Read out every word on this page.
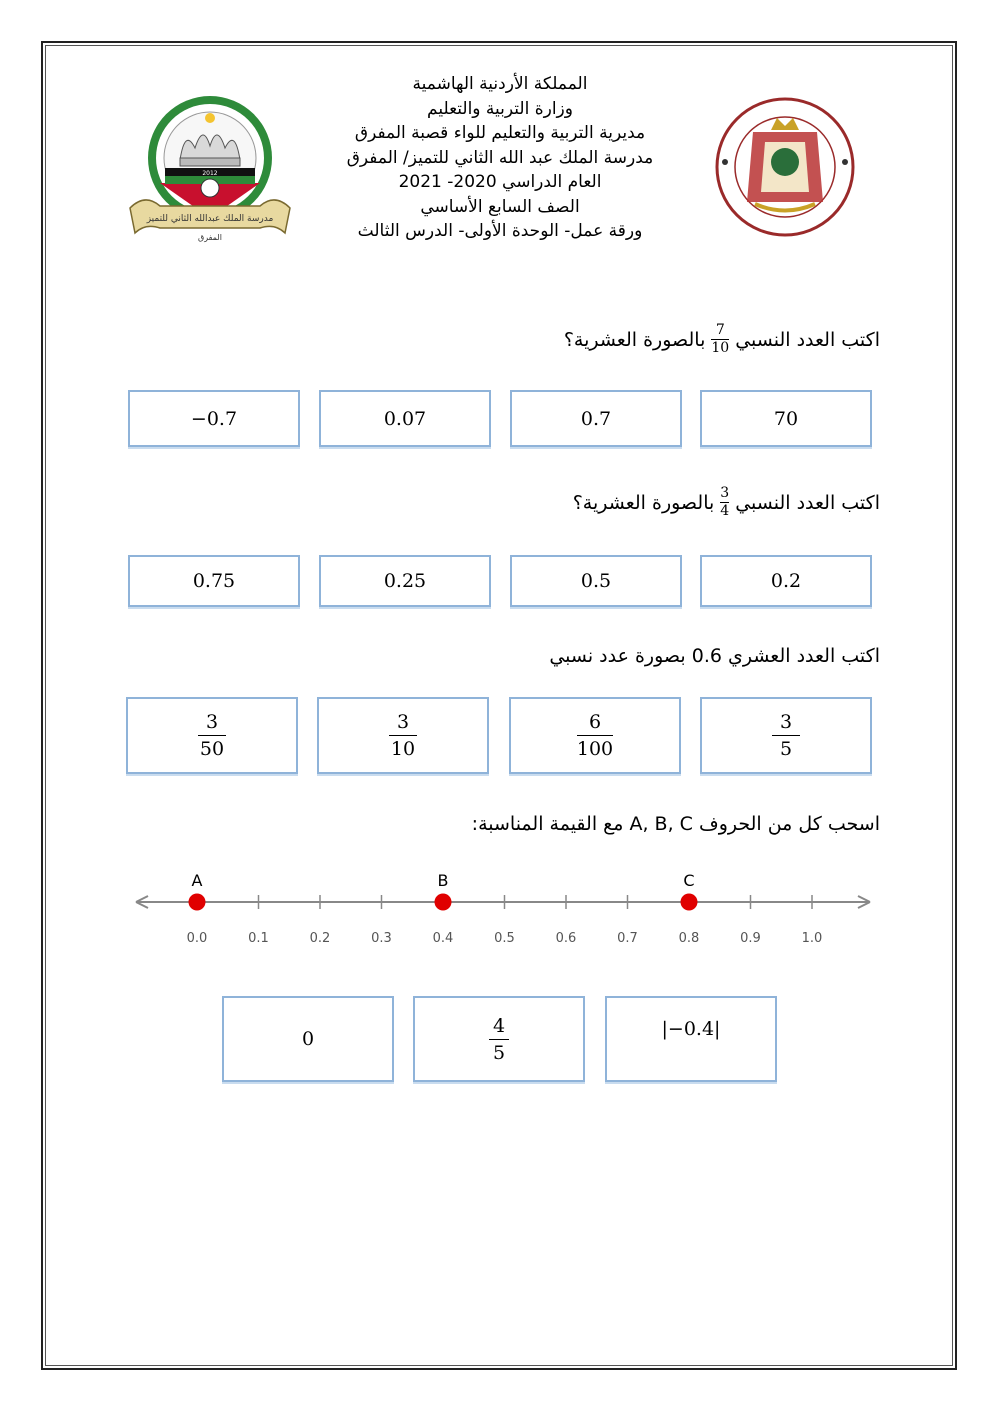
2012
مدرسة الملك عبدالله الثاني للتميز
المفرق
المملكة الأردنية الهاشمية
وزارة التربية والتعليم
مديرية التربية والتعليم للواء قصبة المفرق
مدرسة الملك عبد الله الثاني للتميز/ المفرق
العام الدراسي 2020- 2021
الصف السابع الأساسي
ورقة عمل- الوحدة الأولى- الدرس الثالث
اكتب العدد النسبي
$\frac{7}{10}$
بالصورة العشرية؟
−0.7	0.07	0.7	70
اكتب العدد النسبي
$\frac{3}{4}$
بالصورة العشرية؟
0.75	0.25	0.5	0.2
اكتب العدد العشري 0.6 بصورة عدد نسبي
3
50
3
10
6
100
3
5
اسحب كل من الحروف A, B, C مع القيمة المناسبة:
0.0	0.1	0.2	0.3	0.4	0.5	0.6	0.7	0.8	0.9	1.0
A	B	C
0
4
5
|−0.4|
